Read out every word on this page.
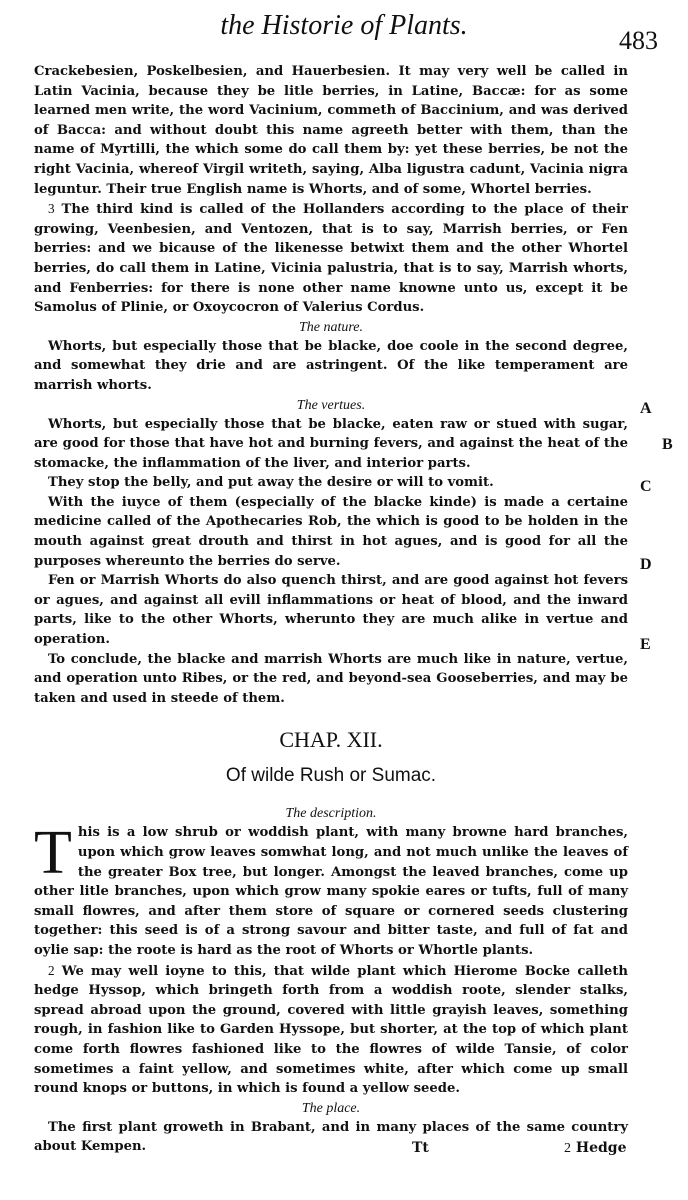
the Historie of Plants.	483

Crackebesien, Poskelbesien, and Hauerbesien. It may very well be called in Latin Vacinia, because they be litle berries, in Latine, Baccæ: for as some learned men write, the word Vacinium, commeth of Baccinium, and was derived of Bacca: and without doubt this name agreeth better with them, than the name of Myrtilli, the which some do call them by: yet these berries, be not the right Vacinia, whereof Virgil writeth, saying, Alba ligustra cadunt, Vacinia nigra leguntur. Their true English name is Whorts, and of some, Whortel berries.

3 The third kind is called of the Hollanders according to the place of their growing, Veenbesien, and Ventozen, that is to say, Marrish berries, or Fen berries: and we bicause of the likenesse betwixt them and the other Whortel berries, do call them in Latine, Vicinia palustria, that is to say, Marrish whorts, and Fenberries: for there is none other name knowne unto us, except it be Samolus of Plinie, or Oxoycocron of Valerius Cordus.

The nature.

Whorts, but especially those that be blacke, doe coole in the second degree, and somewhat they drie and are astringent. Of the like temperament are marrish whorts.

The vertues.

Whorts, but especially those that be blacke, eaten raw or stued with sugar, are good for those that have hot and burning fevers, and against the heat of the stomacke, the inflammation of the liver, and interior parts.

They stop the belly, and put away the desire or will to vomit.

With the iuyce of them (especially of the blacke kinde) is made a certaine medicine called of the Apothecaries Rob, the which is good to be holden in the mouth against great drouth and thirst in hot agues, and is good for all the purposes whereunto the berries do serve.

Fen or Marrish Whorts do also quench thirst, and are good against hot fevers or agues, and against all evill inflammations or heat of blood, and the inward parts, like to the other Whorts, wherunto they are much alike in vertue and operation.

To conclude, the blacke and marrish Whorts are much like in nature, vertue, and operation unto Ribes, or the red, and beyond-sea Gooseberries, and may be taken and used in steede of them.

CHAP. XII.
Of wilde Rush or Sumac.

The description.

This is a low shrub or woddish plant, with many browne hard branches, upon which grow leaves somwhat long, and not much unlike the leaves of the greater Box tree, but longer. Amongst the leaved branches, come up other litle branches, upon which grow many spokie eares or tufts, full of many small flowres, and after them store of square or cornered seeds clustering together: this seed is of a strong savour and bitter taste, and full of fat and oylie sap: the roote is hard as the root of Whorts or Whortle plants.

2 We may well ioyne to this, that wilde plant which Hierome Bocke calleth hedge Hyssop, which bringeth forth from a woddish roote, slender stalks, spread abroad upon the ground, covered with little grayish leaves, something rough, in fashion like to Garden Hyssope, but shorter, at the top of which plant come forth flowres fashioned like to the flowres of wilde Tansie, of color sometimes a faint yellow, and sometimes white, after which come up small round knops or buttons, in which is found a yellow seede.

The place.

The first plant groweth in Brabant, and in many places of the same country about Kempen.

A
B
C
D
E
Tt	2 Hedge
